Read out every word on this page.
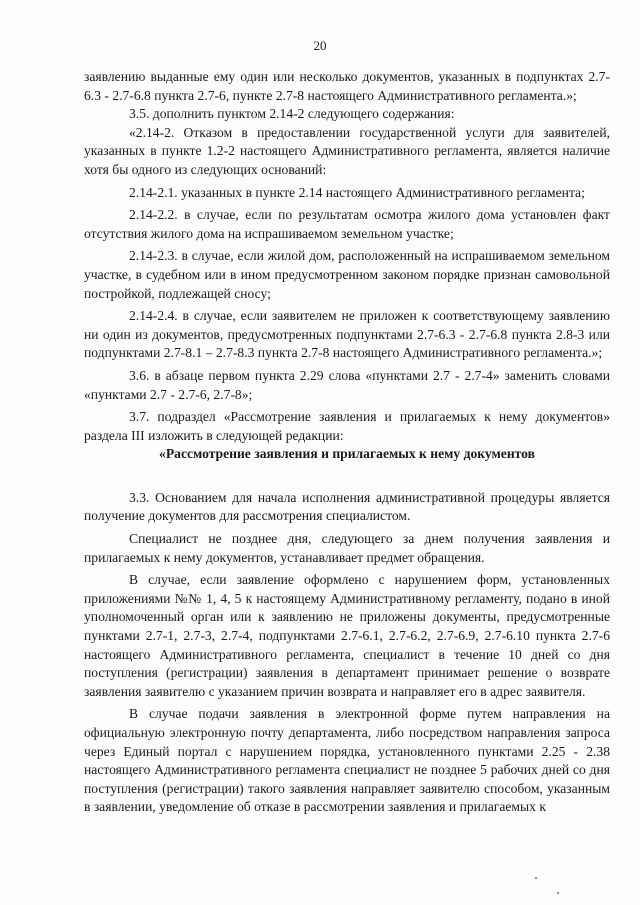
20

заявлению выданные ему один или несколько документов, указанных в подпунктах 2.7-6.3 - 2.7-6.8 пункта 2.7-6, пункте 2.7-8 настоящего Административного регламента.»;

3.5. дополнить пунктом 2.14-2 следующего содержания:

«2.14-2. Отказом в предоставлении государственной услуги для заявителей, указанных в пункте 1.2-2 настоящего Административного регламента, является наличие хотя бы одного из следующих оснований:

2.14-2.1. указанных в пункте 2.14 настоящего Административного регламента;

2.14-2.2. в случае, если по результатам осмотра жилого дома установлен факт отсутствия жилого дома на испрашиваемом земельном участке;

2.14-2.3. в случае, если жилой дом, расположенный на испрашиваемом земельном участке, в судебном или в ином предусмотренном законом порядке признан самовольной постройкой, подлежащей сносу;

2.14-2.4. в случае, если заявителем не приложен к соответствующему заявлению ни один из документов, предусмотренных подпунктами 2.7-6.3 - 2.7-6.8 пункта 2.8-3 или подпунктами 2.7-8.1 – 2.7-8.3 пункта 2.7-8 настоящего Административного регламента.»;

3.6. в абзаце первом пункта 2.29 слова «пунктами 2.7 - 2.7-4» заменить словами «пунктами 2.7 - 2.7-6, 2.7-8»;

3.7. подраздел «Рассмотрение заявления и прилагаемых к нему документов» раздела III изложить в следующей редакции:

«Рассмотрение заявления и прилагаемых к нему документов

3.3. Основанием для начала исполнения административной процедуры является получение документов для рассмотрения специалистом.

Специалист не позднее дня, следующего за днем получения заявления и прилагаемых к нему документов, устанавливает предмет обращения.

В случае, если заявление оформлено с нарушением форм, установленных приложениями №№ 1, 4, 5 к настоящему Административному регламенту, подано в иной уполномоченный орган или к заявлению не приложены документы, предусмотренные пунктами 2.7-1, 2.7-3, 2.7-4, подпунктами 2.7-6.1, 2.7-6.2, 2.7-6.9, 2.7-6.10 пункта 2.7-6 настоящего Административного регламента, специалист в течение 10 дней со дня поступления (регистрации) заявления в департамент принимает решение о возврате заявления заявителю с указанием причин возврата и направляет его в адрес заявителя.

В случае подачи заявления в электронной форме путем направления на официальную электронную почту департамента, либо посредством направления запроса через Единый портал с нарушением порядка, установленного пунктами 2.25 - 2.38 настоящего Административного регламента специалист не позднее 5 рабочих дней со дня поступления (регистрации) такого заявления направляет заявителю способом, указанным в заявлении, уведомление об отказе в рассмотрении заявления и прилагаемых к
